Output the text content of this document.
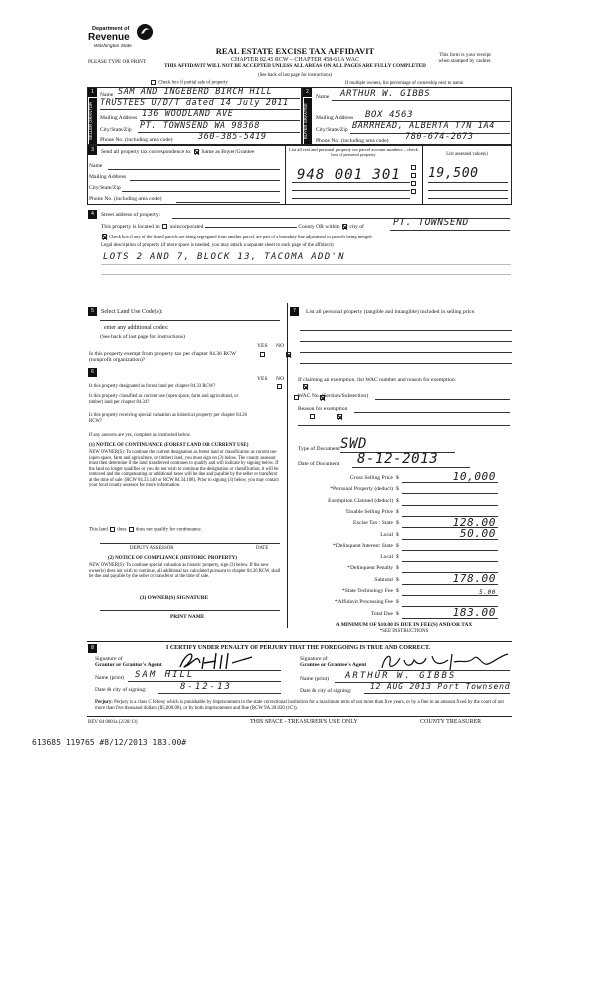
Department of
Revenue
Washington State
PLEASE TYPE OR PRINT
REAL ESTATE EXCISE TAX AFFIDAVIT
CHAPTER 82.45 RCW – CHAPTER 458-61A WAC
THIS AFFIDAVIT WILL NOT BE ACCEPTED UNLESS ALL AREAS ON ALL PAGES ARE FULLY COMPLETED
(See back of last page for instructions)
This form is your receipt
when stamped by cashier.
Check box if partial sale of property	If multiple owners, list percentage of ownership next to name.
1
SELLER GRANTOR
Name SAM AND INGEBERD BIRCH HILL
TRUSTEES U/D/T dated 14 July 2011
Mailing Address 136 WOODLAND AVE
City/State/Zip PT. TOWNSEND WA 98368
Phone No. (including area code)	360-385-5419
2
BUYER GRANTEE
Name ARTHUR W. GIBBS
Mailing Address BOX 4563
City/State/Zip BARRHEAD, ALBERTA T7N 1A4
Phone No. (including area code) 780-674-2673
3	Send all property tax correspondence to: Same as Buyer/Grantee
Name
Mailing Address
City/State/Zip
Phone No. (including area code)
List all real and personal property tax parcel account numbers – check box if personal property	List assessed value(s)
948 001 301 19,500
4	Street address of property:
This property is located in unincorporated	County OR within city of	PT. TOWNSEND
Check box if any of the listed parcels are being segregated from another parcel, are part of a boundary line adjustment or parcels being merged.
Legal description of property (if more space is needed, you may attach a separate sheet to each page of the affidavit)
LOTS 2 AND 7, BLOCK 13, TACOMA ADD'N
5	Select Land Use Code(s):
enter any additional codes:
(See back of last page for instructions)
YES NO
Is this property exempt from property tax per chapter 84.36 RCW (nonprofit organization)?

7	List all personal property (tangible and intangible) included in selling price.
6
YES NO
Is this property designated as forest land per chapter 84.33 RCW?

Is this property classified as current use (open space, farm and agricultural, or timber) land per chapter 84.34?

Is this property receiving special valuation as historical property per chapter 84.26 RCW?

If any answers are yes, complete as instructed below.
(1) NOTICE OF CONTINUANCE (FOREST LAND OR CURRENT USE)
NEW OWNER(S): To continue the current designation as forest land or classification as current use (open space, farm and agriculture, or timber) land, you must sign on (3) below. The county assessor must then determine if the land transferred continues to qualify and will indicate by signing below. If the land no longer qualifies or you do not wish to continue the designation or classification, it will be removed and the compensating or additional taxes will be due and payable by the seller or transferor at the time of sale. (RCW 84.33.140 or RCW 84.34.108). Prior to signing (3) below, you may contact your local county assessor for more information.
This land does does not qualify for continuance.
DEPUTY ASSESSOR	DATE
(2) NOTICE OF COMPLIANCE (HISTORIC PROPERTY)
NEW OWNER(S): To continue special valuation as historic property, sign (3) below. If the new owner(s) does not wish to continue, all additional tax calculated pursuant to chapter 84.26 RCW, shall be due and payable by the seller or transferor at the time of sale.
(3) OWNER(S) SIGNATURE
PRINT NAME
If claiming an exemption, list WAC number and reason for exemption:
WAC No. (Section/Subsection)
Reason for exemption
Type of Document SWD
Date of Document 8-12-2013
Gross Selling Price $	10,000
*Personal Property (deduct) $
Exemption Claimed (deduct) $
Taxable Selling Price $
Excise Tax : State $	128.00
Local $	50.00
*Delinquent Interest: State $
Local $
*Delinquent Penalty $
Subtotal $	178.00
*State Technology Fee $	5.00
*Affidavit Processing Fee $
Total Due $	183.00
A MINIMUM OF $10.00 IS DUE IN FEE(S) AND/OR TAX
*SEE INSTRUCTIONS
8	I CERTIFY UNDER PENALTY OF PERJURY THAT THE FOREGOING IS TRUE AND CORRECT.
Signature of
Grantor or Grantor's Agent
Name (print) SAM HILL
Date & city of signing:	8-12-13
Signature of
Grantee or Grantee's Agent
Name (print) ARTHUR W. GIBBS
Date & city of signing: 12 AUG 2013 Port Townsend
Perjury: Perjury is a class C felony which is punishable by imprisonment in the state correctional institution for a maximum term of not more than five years, or by a fine in an amount fixed by the court of not more than five thousand dollars ($5,000.00), or by both imprisonment and fine (RCW 9A.20.020 (1C)).
REV 84 0001a (2/28/13)	THIS SPACE - TREASURER'S USE ONLY	COUNTY TREASURER
613685 119765 #8/12/2013 183.00#
